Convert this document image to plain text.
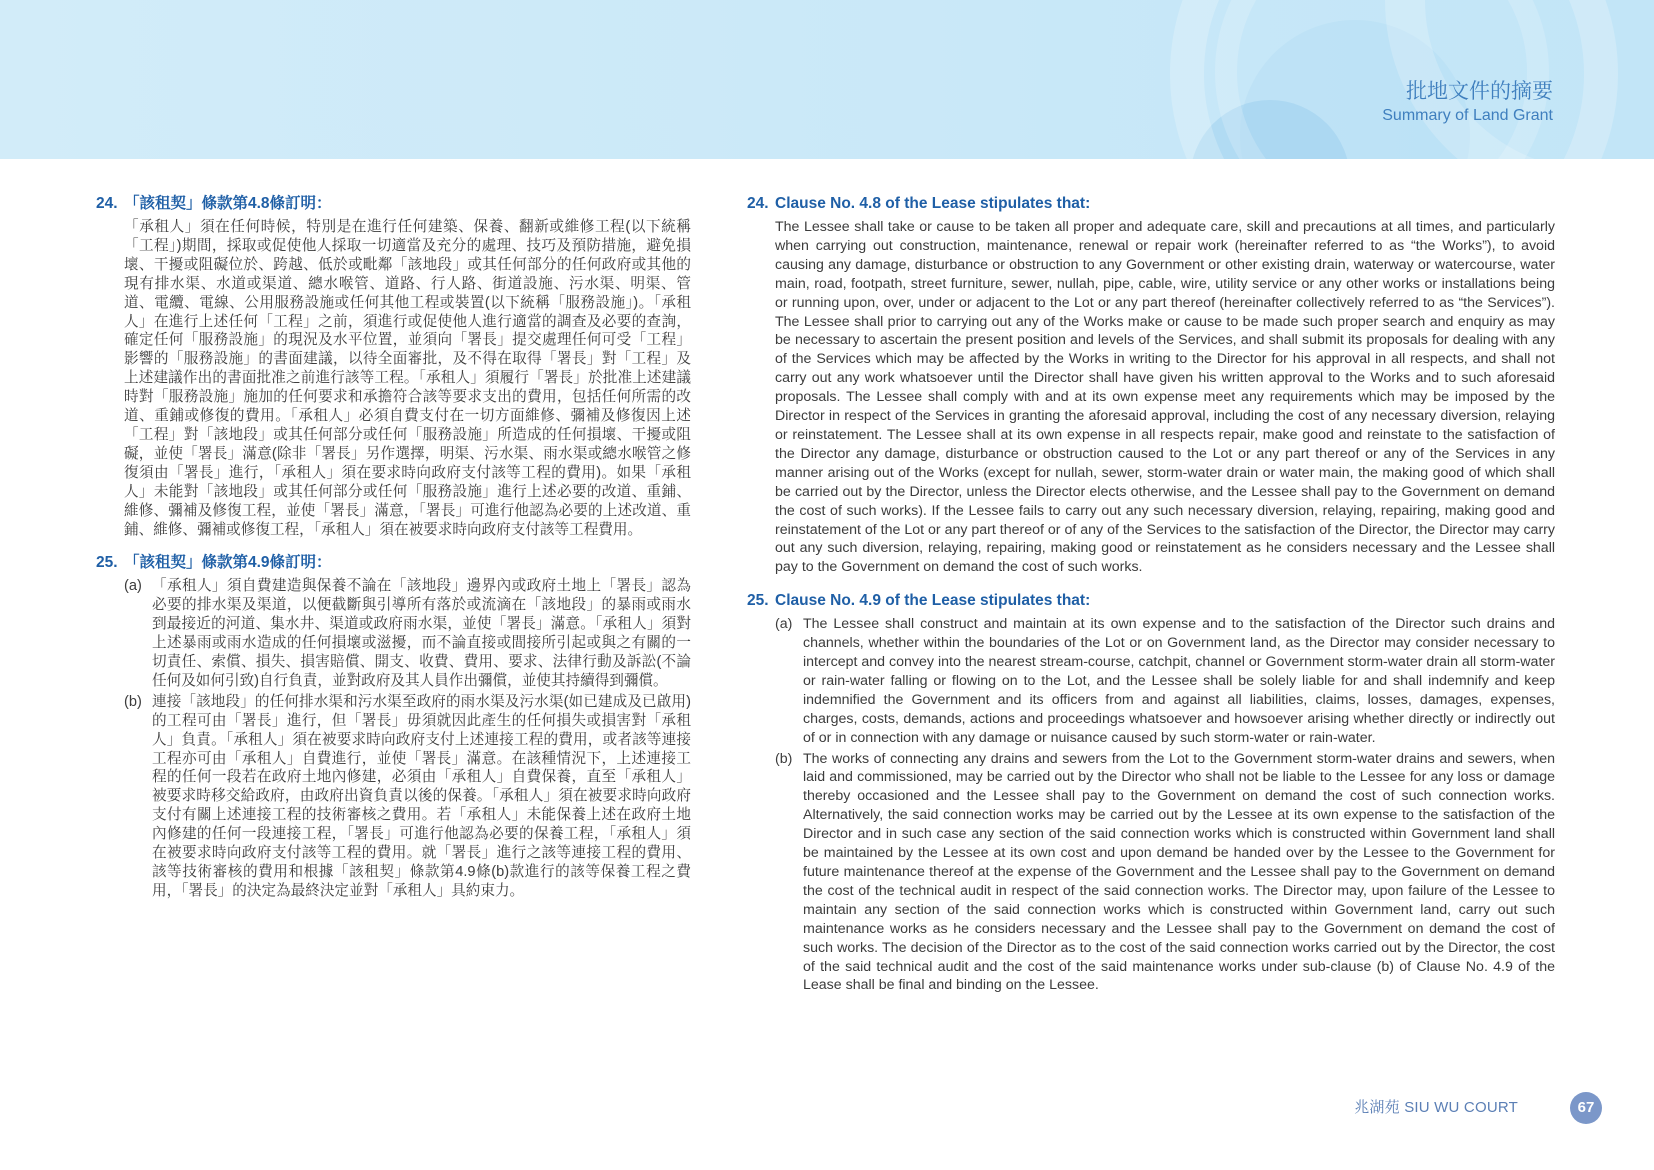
批地文件的摘要
Summary of Land Grant
24. 「該租契」條款第4.8條訂明：
「承租人」須在任何時候，特別是在進行任何建築、保養、翻新或維修工程(以下統稱「工程」)期間，採取或促使他人採取一切適當及充分的處理、技巧及預防措施，避免損壞、干擾或阻礙位於、跨越、低於或毗鄰「該地段」或其任何部分的任何政府或其他的現有排水渠、水道或渠道、總水喉管、道路、行人路、街道設施、污水渠、明渠、管道、電纜、電線、公用服務設施或任何其他工程或裝置(以下統稱「服務設施」)。「承租人」在進行上述任何「工程」之前，須進行或促使他人進行適當的調查及必要的查詢，確定任何「服務設施」的現況及水平位置，並須向「署長」提交處理任何可受「工程」影響的「服務設施」的書面建議，以待全面審批，及不得在取得「署長」對「工程」及上述建議作出的書面批准之前進行該等工程。「承租人」須履行「署長」於批准上述建議時對「服務設施」施加的任何要求和承擔符合該等要求支出的費用，包括任何所需的改道、重鋪或修復的費用。「承租人」必須自費支付在一切方面維修、彌補及修復因上述「工程」對「該地段」或其任何部分或任何「服務設施」所造成的任何損壞、干擾或阻礙，並使「署長」滿意(除非「署長」另作選擇，明渠、污水渠、雨水渠或總水喉管之修復須由「署長」進行，「承租人」須在要求時向政府支付該等工程的費用)。如果「承租人」未能對「該地段」或其任何部分或任何「服務設施」進行上述必要的改道、重鋪、維修、彌補及修復工程，並使「署長」滿意，「署長」可進行他認為必要的上述改道、重鋪、維修、彌補或修復工程，「承租人」須在被要求時向政府支付該等工程費用。
25. 「該租契」條款第4.9條訂明：
(a) 「承租人」須自費建造與保養不論在「該地段」邊界內或政府土地上「署長」認為必要的排水渠及渠道，以便截斷與引導所有落於或流滴在「該地段」的暴雨或雨水到最接近的河道、集水井、渠道或政府雨水渠，並使「署長」滿意。「承租人」須對上述暴雨或雨水造成的任何損壞或滋擾，而不論直接或間接所引起或與之有關的一切責任、索償、損失、損害賠償、開支、收費、費用、要求、法律行動及訴訟(不論任何及如何引致)自行負責，並對政府及其人員作出彌償，並使其持續得到彌償。
(b) 連接「該地段」的任何排水渠和污水渠至政府的雨水渠及污水渠(如已建成及已啟用)的工程可由「署長」進行，但「署長」毋須就因此產生的任何損失或損害對「承租人」負責。「承租人」須在被要求時向政府支付上述連接工程的費用，或者該等連接工程亦可由「承租人」自費進行，並使「署長」滿意。在該種情況下，上述連接工程的任何一段若在政府土地內修建，必須由「承租人」自費保養，直至「承租人」被要求時移交給政府，由政府出資負責以後的保養。「承租人」須在被要求時向政府支付有關上述連接工程的技術審核之費用。若「承租人」未能保養上述在政府土地內修建的任何一段連接工程，「署長」可進行他認為必要的保養工程，「承租人」須在被要求時向政府支付該等工程的費用。就「署長」進行之該等連接工程的費用、該等技術審核的費用和根據「該租契」條款第4.9條(b)款進行的該等保養工程之費用，「署長」的決定為最終決定並對「承租人」具約束力。
24. Clause No. 4.8 of the Lease stipulates that:
The Lessee shall take or cause to be taken all proper and adequate care, skill and precautions at all times, and particularly when carrying out construction, maintenance, renewal or repair work (hereinafter referred to as “the Works”), to avoid causing any damage, disturbance or obstruction to any Government or other existing drain, waterway or watercourse, water main, road, footpath, street furniture, sewer, nullah, pipe, cable, wire, utility service or any other works or installations being or running upon, over, under or adjacent to the Lot or any part thereof (hereinafter collectively referred to as “the Services”). The Lessee shall prior to carrying out any of the Works make or cause to be made such proper search and enquiry as may be necessary to ascertain the present position and levels of the Services, and shall submit its proposals for dealing with any of the Services which may be affected by the Works in writing to the Director for his approval in all respects, and shall not carry out any work whatsoever until the Director shall have given his written approval to the Works and to such aforesaid proposals. The Lessee shall comply with and at its own expense meet any requirements which may be imposed by the Director in respect of the Services in granting the aforesaid approval, including the cost of any necessary diversion, relaying or reinstatement. The Lessee shall at its own expense in all respects repair, make good and reinstate to the satisfaction of the Director any damage, disturbance or obstruction caused to the Lot or any part thereof or any of the Services in any manner arising out of the Works (except for nullah, sewer, storm-water drain or water main, the making good of which shall be carried out by the Director, unless the Director elects otherwise, and the Lessee shall pay to the Government on demand the cost of such works). If the Lessee fails to carry out any such necessary diversion, relaying, repairing, making good and reinstatement of the Lot or any part thereof or of any of the Services to the satisfaction of the Director, the Director may carry out any such diversion, relaying, repairing, making good or reinstatement as he considers necessary and the Lessee shall pay to the Government on demand the cost of such works.
25. Clause No. 4.9 of the Lease stipulates that:
(a) The Lessee shall construct and maintain at its own expense and to the satisfaction of the Director such drains and channels, whether within the boundaries of the Lot or on Government land, as the Director may consider necessary to intercept and convey into the nearest stream-course, catchpit, channel or Government storm-water drain all storm-water or rain-water falling or flowing on to the Lot, and the Lessee shall be solely liable for and shall indemnify and keep indemnified the Government and its officers from and against all liabilities, claims, losses, damages, expenses, charges, costs, demands, actions and proceedings whatsoever and howsoever arising whether directly or indirectly out of or in connection with any damage or nuisance caused by such storm-water or rain-water.
(b) The works of connecting any drains and sewers from the Lot to the Government storm-water drains and sewers, when laid and commissioned, may be carried out by the Director who shall not be liable to the Lessee for any loss or damage thereby occasioned and the Lessee shall pay to the Government on demand the cost of such connection works. Alternatively, the said connection works may be carried out by the Lessee at its own expense to the satisfaction of the Director and in such case any section of the said connection works which is constructed within Government land shall be maintained by the Lessee at its own cost and upon demand be handed over by the Lessee to the Government for future maintenance thereof at the expense of the Government and the Lessee shall pay to the Government on demand the cost of the technical audit in respect of the said connection works. The Director may, upon failure of the Lessee to maintain any section of the said connection works which is constructed within Government land, carry out such maintenance works as he considers necessary and the Lessee shall pay to the Government on demand the cost of such works. The decision of the Director as to the cost of the said connection works carried out by the Director, the cost of the said technical audit and the cost of the said maintenance works under sub-clause (b) of Clause No. 4.9 of the Lease shall be final and binding on the Lessee.
兆湖苑 SIU WU COURT	67
